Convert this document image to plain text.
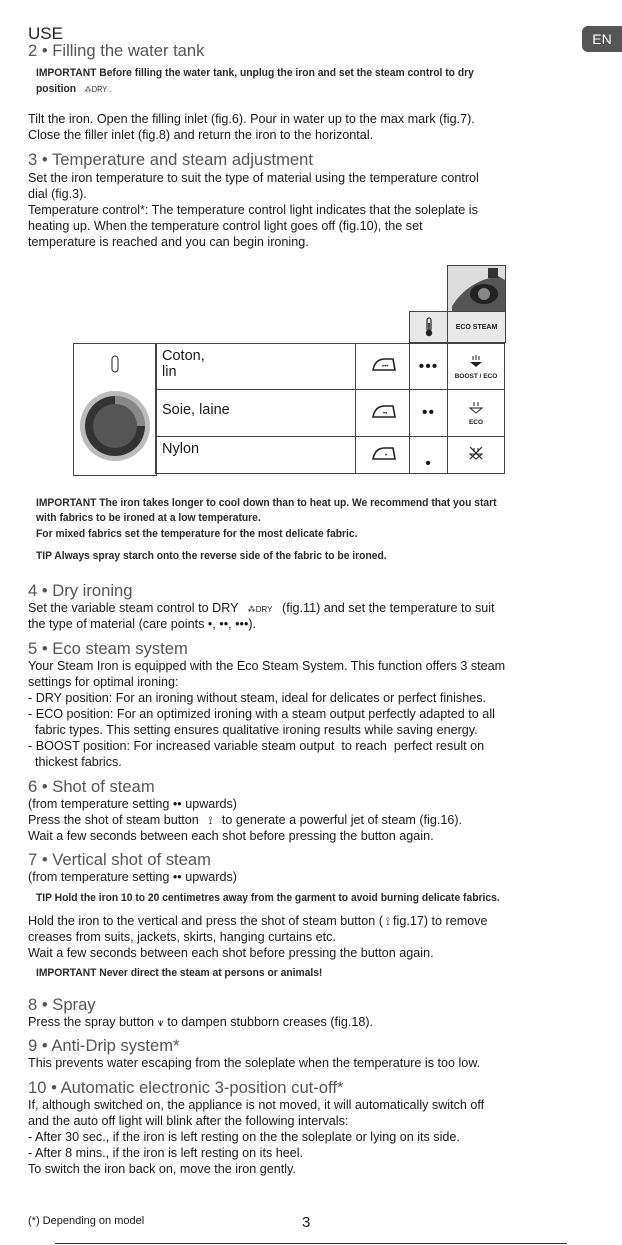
USE	EN
2 • Filling the water tank
IMPORTANT Before filling the water tank, unplug the iron and set the steam control to dry
position ⁂DRY .

Tilt the iron. Open the filling inlet (fig.6). Pour in water up to the max mark (fig.7).

Close the filler inlet (fig.8) and return the iron to the horizontal.

3 • Temperature and steam adjustment

Set the iron temperature to suit the type of material using the temperature control

dial (fig.3).

Temperature control*: The temperature control light indicates that the soleplate is

heating up. When the temperature control light goes off (fig.10), the set

temperature is reached and you can begin ironing.

ECO STEAM
Coton,
lin	•••	•••	BOOST / ECO

Soie, laine	••	••	ECO

Nylon	•	•	
IMPORTANT The iron takes longer to cool down than to heat up. We recommend that you start
with fabrics to be ironed at a low temperature.
For mixed fabrics set the temperature for the most delicate fabric.
TIP Always spray starch onto the reverse side of the fabric to be ironed.
4 • Dry ironing

Set the variable steam control to DRY ⁂DRY (fig.11) and set the temperature to suit

the type of material (care points •, ••, •••).

5 • Eco steam system

Your Steam Iron is equipped with the Eco Steam System. This function offers 3 steam

settings for optimal ironing:

- DRY position: For an ironing without steam, ideal for delicates or perfect finishes.

- ECO position: For an optimized ironing with a steam output perfectly adapted to all

fabric types. This setting ensures qualitative ironing results while saving energy.

- BOOST position: For increased variable steam output  to reach  perfect result on

thickest fabrics.

6 • Shot of steam

(from temperature setting •• upwards)

Press the shot of steam button ⟟ to generate a powerful jet of steam (fig.16).

Wait a few seconds between each shot before pressing the button again.

7 • Vertical shot of steam

(from temperature setting •• upwards)

TIP Hold the iron 10 to 20 centimetres away from the garment to avoid burning delicate fabrics.

Hold the iron to the vertical and press the shot of steam button ( ⟟ fig.17) to remove

creases from suits, jackets, skirts, hanging curtains etc.

Wait a few seconds between each shot before pressing the button again.

IMPORTANT Never direct the steam at persons or animals!
8 • Spray

Press the spray button ⩛ to dampen stubborn creases (fig.18).

9 • Anti-Drip system*

This prevents water escaping from the soleplate when the temperature is too low.

10 • Automatic electronic 3-position cut-off*

If, although switched on, the appliance is not moved, it will automatically switch off

and the auto off light will blink after the following intervals:

- After 30 sec., if the iron is left resting on the the soleplate or lying on its side.

- After 8 mins., if the iron is left resting on its heel.

To switch the iron back on, move the iron gently.

(*) Depending on model	3
